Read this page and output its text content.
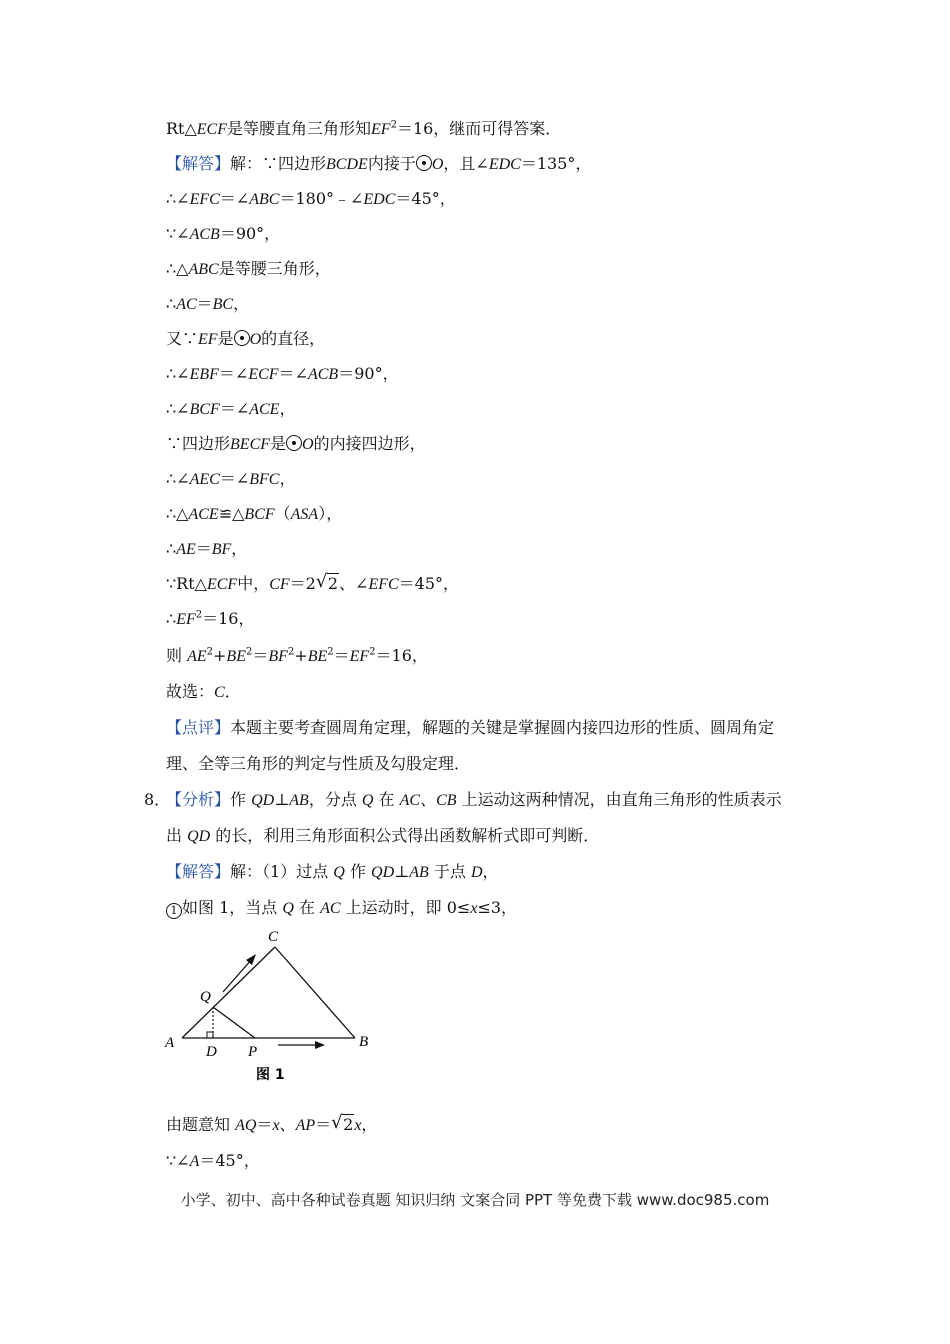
Rt△ECF是等腰直角三角形知$EF^2=16$，继而可得答案．
【解答】解：∵四边形BCDE内接于 O，且∠EDC＝135°，
∴∠EFC＝∠ABC＝180°﹣∠EDC＝45°，
∵∠ACB＝90°，
∴△ABC是等腰三角形，
∴AC＝BC，
又∵EF是 O的直径，
∴∠EBF＝∠ECF＝∠ACB＝90°，
∴∠BCF＝∠ACE，
∵四边形BECF是 O的内接四边形，
∴∠AEC＝∠BFC，
∴△ACE≌△BCF（ASA），
∴AE＝BF，
∵Rt△ECF中，CF＝2 √ 2、∠EFC＝45°，
$\therefore EF^2=16$，
则 $AE^2+BE^2=BF^2+BE^2=EF^2=16$，
故选：C．
【点评】本题主要考查圆周角定理，解题的关键是掌握圆内接四边形的性质、圆周角定
理、全等三角形的判定与性质及勾股定理．
8．
【分析】作 QD⊥AB，分点 Q 在 AC、CB 上运动这两种情况，由直角三角形的性质表示
出 QD 的长，利用三角形面积公式得出函数解析式即可判断．
【解答】解：（1）过点 Q 作 QD⊥AB 于点 D，
1 如图 1，当点 Q 在 AC 上运动时，即 0≤x≤3，
A	B
C
Q
D P
图 1
由题意知 AQ＝x、AP＝ √ 2x，
∵∠A＝45°，
小学、初中、高中各种试卷真题 知识归纳 文案合同 PPT 等免费下载 www.doc985.com
